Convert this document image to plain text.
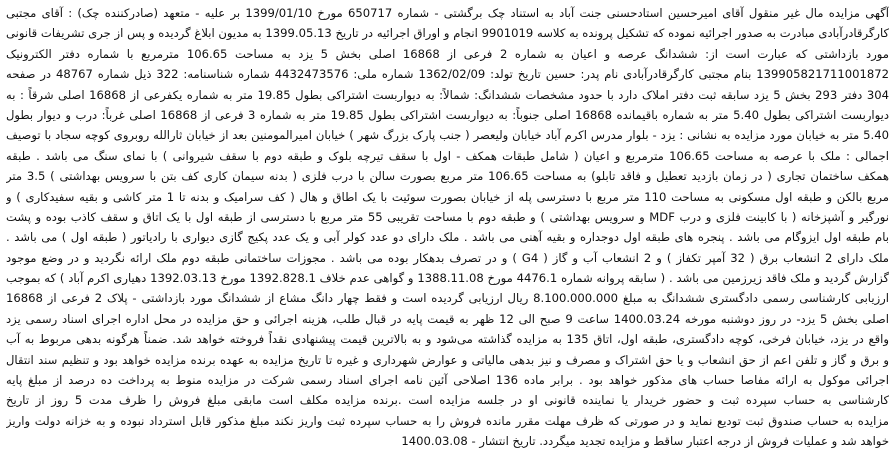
آگهی مزایده مال غیر منقول آقای امیرحسین استادحسنی جنت آباد به استناد چک برگشتی - شماره 650717 مورخ 1399/01/10 بر علیه - متعهد (صادرکننده چک) : آقای مجتبی
کارگرقادرآبادی مبادرت به صدور اجرائیه نموده که تشکیل پرونده به کلاسه 9901019 انجام و اوراق اجرائیه در تاریخ 1399.05.13 به مدیون ابلاغ گردیده و پس از جری تشریفات قانونی
مورد بازداشتی که عبارت است از: ششدانگ عرصه و اعیان به شماره 2 فرعی از 16868 اصلی بخش 5 یزد به مساحت 106.65 مترمربع با شماره دفتر الکترونیک
139905821711001872 بنام مجتبی کارگرقادرآبادی نام پدر: حسین تاریخ تولد: 1362/02/09 شماره ملی: 4432473576 شماره شناسنامه: 322 ذیل شماره 48767 در صفحه
304 دفتر 293 بخش 5 یزد سابقه ثبت دفتر املاک دارد با حدود مشخصات ششدانگ: شمالاً: به دیواربست اشتراکی بطول 19.85 متر به شماره یکفرعی از 16868 اصلی شرقاً : به
دیواربست اشتراکی بطول 5.40 متر به شماره باقیمانده 16868 اصلی جنوباً: به دیواربست اشتراکی بطول 19.85 متر به شماره 3 فرعی از 16868 اصلی غرباً: درب و دیوار بطول
5.40 متر به خیابان مورد مزایده به نشانی : یزد - بلوار مدرس اکرم آباد خیابان ولیعصر ( جنب پارک بزرگ شهر ) خیابان امیرالمومنین بعد از خیابان ثارالله روبروی کوچه سجاد با توصیف
اجمالی : ملک با عرصه به مساحت 106.65 مترمربع و اعیان ( شامل طبقات همکف - اول با سقف تیرچه بلوک و طبقه دوم با سقف شیروانی ) با نمای سنگ می باشد . طبقه
همکف ساختمان تجاری ( در زمان بازدید تعطیل و فاقد تابلو) به مساحت 106.65 متر مربع بصورت سالن با درب فلزی ( بدنه سیمان کاری کف بتن با سرویس بهداشتی ) 3.5 متر
مربع بالکن و طبقه اول مسکونی به مساحت 110 متر مربع با دسترسی پله از خیابان بصورت سوئیت با یک اطاق و هال ( کف سرامیک و بدنه تا 1 متر کاشی و بقیه سفیدکاری ) و
نورگیر و آشپزخانه ( با کابینت فلزی و درب MDF و سرویس بهداشتی ) و طبقه دوم با مساحت تقریبی 55 متر مربع با دسترسی از طبقه اول با یک اتاق و سقف کاذب بوده و پشت
بام طبقه اول ایزوگام می باشد . پنجره های طبقه اول دوجداره و بقیه آهنی می باشد . ملک دارای دو عدد کولر آبی و یک عدد پکیج گازی دیواری با رادیاتور ( طبقه اول ) می باشد .
ملک دارای 2 انشعاب برق ( 32 آمپر تکفاز ) و 2 انشعاب آب و گاز ( G4 ) و در تصرف بدهکار بوده می باشد . مجوزات ساختمانی طبقه دوم ملک ارائه نگردید و در وضع موجود
گزارش گردید و ملک فاقد زیرزمین می باشد . ( سابقه پروانه شماره 4476.1 مورخ 1388.11.08 و گواهی عدم خلاف 1392.828.1 مورخ 1392.03.13 دهیاری اکرم آباد ) که بموجب
ارزیابی کارشناسی رسمی دادگستری ششدانگ به مبلغ 8.100.000.000 ریال ارزیابی گردیده است و فقط چهار دانگ مشاع از ششدانگ مورد بازداشتی - پلاک 2 فرعی از 16868
اصلی بخش 5 یزد- در روز دوشنبه مورخه 1400.03.24 ساعت 9 صبح الی 12 ظهر به قیمت پایه در قبال طلب، هزینه اجرائی و حق مزایده در محل اداره اجرای اسناد رسمی یزد
واقع در یزد، خیابان فرخی، کوچه دادگستری، طبقه اول، اتاق 135 به مزایده گذاشته می‌شود و به بالاترین قیمت پیشنهادی نقداً فروخته خواهد شد. ضمناً هرگونه بدهی مربوط به آب
و برق و گاز و تلفن اعم از حق انشعاب و یا حق اشتراک و مصرف و نیز بدهی مالیاتی و عوارض شهرداری و غیره تا تاریخ مزایده به عهده برنده مزایده خواهد بود و تنظیم سند انتقال
اجرائی موکول به ارائه مفاصا حساب های مذکور خواهد بود . برابر ماده 136 اصلاحی آئین نامه اجرای اسناد رسمی شرکت در مزایده منوط به پرداخت ده درصد از مبلغ پایه
کارشناسی به حساب سپرده ثبت و حضور خریدار یا نماینده قانونی او در جلسه مزایده است .برنده مزایده مکلف است مابقی مبلغ فروش را ظرف مدت 5 روز از تاریخ
مزایده به حساب صندوق ثبت تودیع نماید و در صورتی که ظرف مهلت مقرر مانده فروش را به حساب سپرده ثبت واریز نکند مبلغ مذکور قابل استرداد نبوده و به خزانه دولت واریز
خواهد شد و عملیات فروش از درجه اعتبار ساقط و مزایده تجدید میگردد. تاریخ انتشار - 1400.03.08
